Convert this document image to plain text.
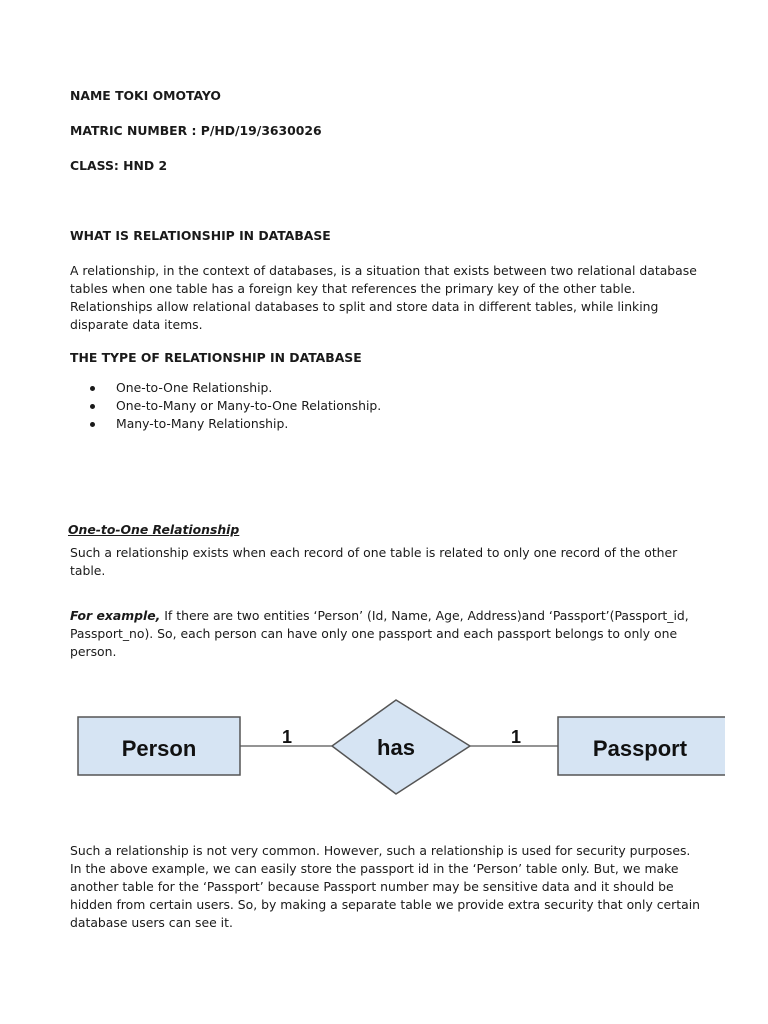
NAME TOKI OMOTAYO
MATRIC NUMBER : P/HD/19/3630026
CLASS: HND 2
WHAT IS RELATIONSHIP IN DATABASE
A relationship, in the context of databases, is a situation that exists between two relational database
tables when one table has a foreign key that references the primary key of the other table.
Relationships allow relational databases to split and store data in different tables, while linking
disparate data items.
THE TYPE OF RELATIONSHIP IN DATABASE
One-to-One Relationship.
One-to-Many or Many-to-One Relationship.
Many-to-Many Relationship.
One-to-One Relationship
Such a relationship exists when each record of one table is related to only one record of the other
table.
For example, If there are two entities ‘Person’ (Id, Name, Age, Address)and ‘Passport’(Passport_id,
Passport_no). So, each person can have only one passport and each passport belongs to only one
person.
Person	1	has	1	Passport
Such a relationship is not very common. However, such a relationship is used for security purposes.
In the above example, we can easily store the passport id in the ‘Person’ table only. But, we make
another table for the ‘Passport’ because Passport number may be sensitive data and it should be
hidden from certain users. So, by making a separate table we provide extra security that only certain
database users can see it.
